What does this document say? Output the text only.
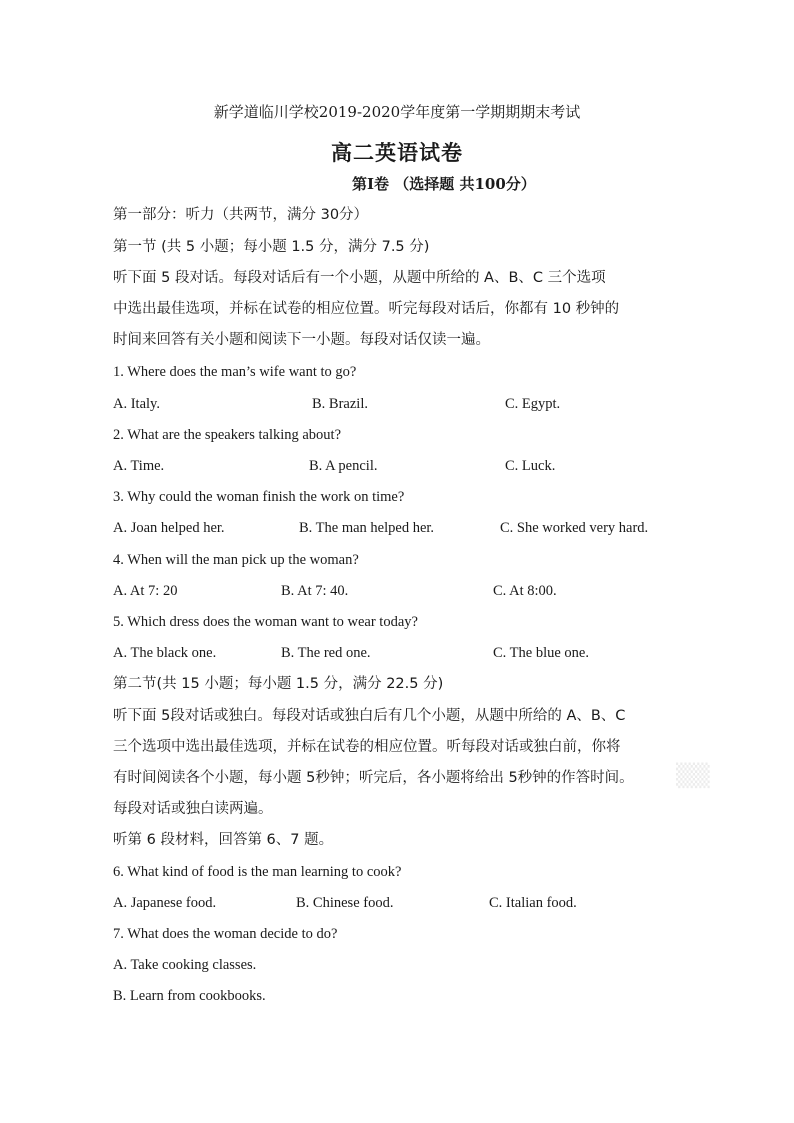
新学道临川学校2019-2020学年度第一学期期期末考试
高二英语试卷
第I卷 （选择题 共100分）
第一部分：听力（共两节，满分 30分）
第一节 (共 5 小题；每小题 1.5 分，满分 7.5 分)
听下面 5 段对话。每段对话后有一个小题，从题中所给的 A、B、C 三个选项
中选出最佳选项，并标在试卷的相应位置。听完每段对话后，你都有 10 秒钟的
时间来回答有关小题和阅读下一小题。每段对话仅读一遍。
1. Where does the man’s wife want to go?
A. Italy.	B. Brazil.	C. Egypt.
2. What are the speakers talking about?
A. Time.	B. A pencil.	C. Luck.
3. Why could the woman finish the work on time?
A. Joan helped her.	B. The man helped her.	C. She worked very hard.
4. When will the man pick up the woman?
A. At 7: 20	B. At 7: 40.	C. At 8:00.
5. Which dress does the woman want to wear today?
A. The black one.	B. The red one.	C. The blue one.
第二节(共 15 小题；每小题 1.5 分，满分 22.5 分)
听下面 5段对话或独白。每段对话或独白后有几个小题，从题中所给的 A、B、C
三个选项中选出最佳选项，并标在试卷的相应位置。听每段对话或独白前，你将
有时间阅读各个小题，每小题 5秒钟；听完后，各小题将给出 5秒钟的作答时间。
每段对话或独白读两遍。
听第 6 段材料，回答第 6、7 题。
6. What kind of food is the man learning to cook?
A. Japanese food.	B. Chinese food.	C. Italian food.
7. What does the woman decide to do?
A. Take cooking classes.
B. Learn from cookbooks.
▒▒
